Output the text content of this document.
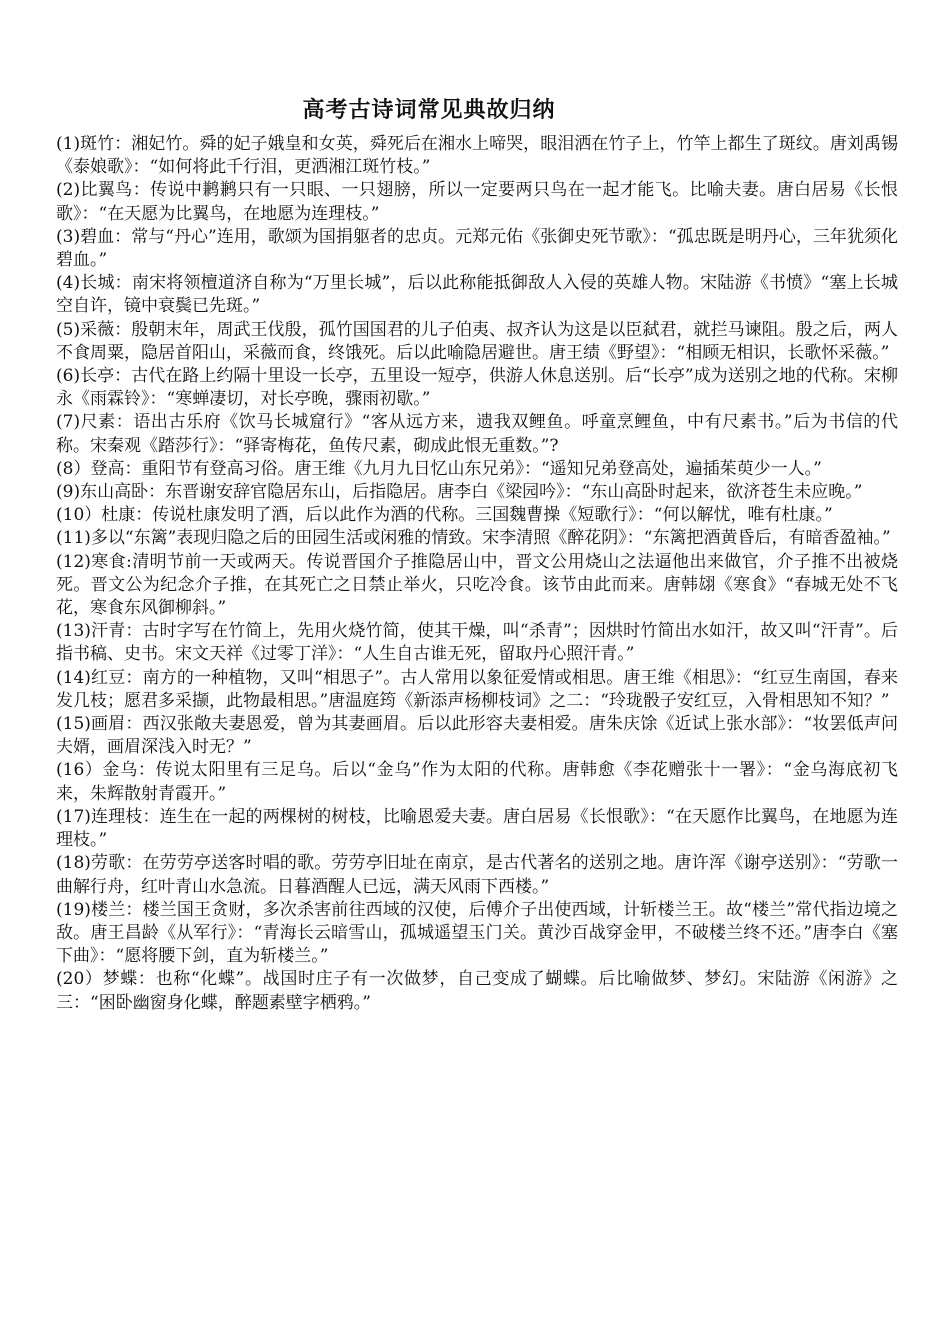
高考古诗词常见典故归纳

(1)斑竹：湘妃竹。舜的妃子娥皇和女英，舜死后在湘水上啼哭，眼泪洒在竹子上，竹竿上都生了斑纹。唐刘禹锡《泰娘歌》：“如何将此千行泪，更洒湘江斑竹枝。”

(2)比翼鸟：传说中鹣鹣只有一只眼、一只翅膀，所以一定要两只鸟在一起才能飞。比喻夫妻。唐白居易《长恨歌》：“在天愿为比翼鸟，在地愿为连理枝。”

(3)碧血：常与“丹心”连用，歌颂为国捐躯者的忠贞。元郑元佑《张御史死节歌》：“孤忠既是明丹心，三年犹须化碧血。”

(4)长城：南宋将领檀道济自称为“万里长城”，后以此称能抵御敌人入侵的英雄人物。宋陆游《书愤》“塞上长城空自许，镜中衰鬓已先斑。”

(5)采薇：殷朝末年，周武王伐殷，孤竹国国君的儿子伯夷、叔齐认为这是以臣弑君，就拦马谏阻。殷之后，两人不食周粟，隐居首阳山，采薇而食，终饿死。后以此喻隐居避世。唐王绩《野望》：“相顾无相识，长歌怀采薇。”

(6)长亭：古代在路上约隔十里设一长亭，五里设一短亭，供游人休息送别。后“长亭”成为送别之地的代称。宋柳永《雨霖铃》：“寒蝉凄切，对长亭晚，骤雨初歇。”

(7)尺素：语出古乐府《饮马长城窟行》“客从远方来，遗我双鲤鱼。呼童烹鲤鱼，中有尺素书。”后为书信的代称。宋秦观《踏莎行》：“驿寄梅花，鱼传尺素，砌成此恨无重数。”?

(8）登高：重阳节有登高习俗。唐王维《九月九日忆山东兄弟》：“遥知兄弟登高处，遍插茱萸少一人。”

(9)东山高卧：东晋谢安辞官隐居东山，后指隐居。唐李白《梁园吟》：“东山高卧时起来，欲济苍生未应晚。”

(10）杜康：传说杜康发明了酒，后以此作为酒的代称。三国魏曹操《短歌行》：“何以解忧，唯有杜康。”

(11)多以“东篱”表现归隐之后的田园生活或闲雅的情致。宋李清照《醉花阴》：“东篱把酒黄昏后，有暗香盈袖。”

(12)寒食:清明节前一天或两天。传说晋国介子推隐居山中，晋文公用烧山之法逼他出来做官，介子推不出被烧死。晋文公为纪念介子推，在其死亡之日禁止举火，只吃冷食。该节由此而来。唐韩翃《寒食》“春城无处不飞花，寒食东风御柳斜。”

(13)汗青：古时字写在竹简上，先用火烧竹简，使其干燥，叫“杀青”；因烘时竹简出水如汗，故又叫“汗青”。后指书稿、史书。宋文天祥《过零丁洋》：“人生自古谁无死，留取丹心照汗青。”

(14)红豆：南方的一种植物，又叫“相思子”。古人常用以象征爱情或相思。唐王维《相思》：“红豆生南国，春来发几枝；愿君多采撷，此物最相思。”唐温庭筠《新添声杨柳枝词》之二：“玲珑骰子安红豆，入骨相思知不知？”

(15)画眉：西汉张敞夫妻恩爱，曾为其妻画眉。后以此形容夫妻相爱。唐朱庆馀《近试上张水部》：“妆罢低声问夫婿，画眉深浅入时无？”

(16）金乌：传说太阳里有三足乌。后以“金乌”作为太阳的代称。唐韩愈《李花赠张十一署》：“金乌海底初飞来，朱辉散射青霞开。”

(17)连理枝：连生在一起的两棵树的树枝，比喻恩爱夫妻。唐白居易《长恨歌》：“在天愿作比翼鸟，在地愿为连理枝。”

(18)劳歌：在劳劳亭送客时唱的歌。劳劳亭旧址在南京，是古代著名的送别之地。唐许浑《谢亭送别》：“劳歌一曲解行舟，红叶青山水急流。日暮酒醒人已远，满天风雨下西楼。”

(19)楼兰：楼兰国王贪财，多次杀害前往西域的汉使，后傅介子出使西域，计斩楼兰王。故“楼兰”常代指边境之敌。唐王昌龄《从军行》：“青海长云暗雪山，孤城遥望玉门关。黄沙百战穿金甲，不破楼兰终不还。”唐李白《塞下曲》：“愿将腰下剑，直为斩楼兰。”

(20）梦蝶：也称“化蝶”。战国时庄子有一次做梦，自己变成了蝴蝶。后比喻做梦、梦幻。宋陆游《闲游》之三：“困卧幽窗身化蝶，醉题素壁字栖鸦。”
